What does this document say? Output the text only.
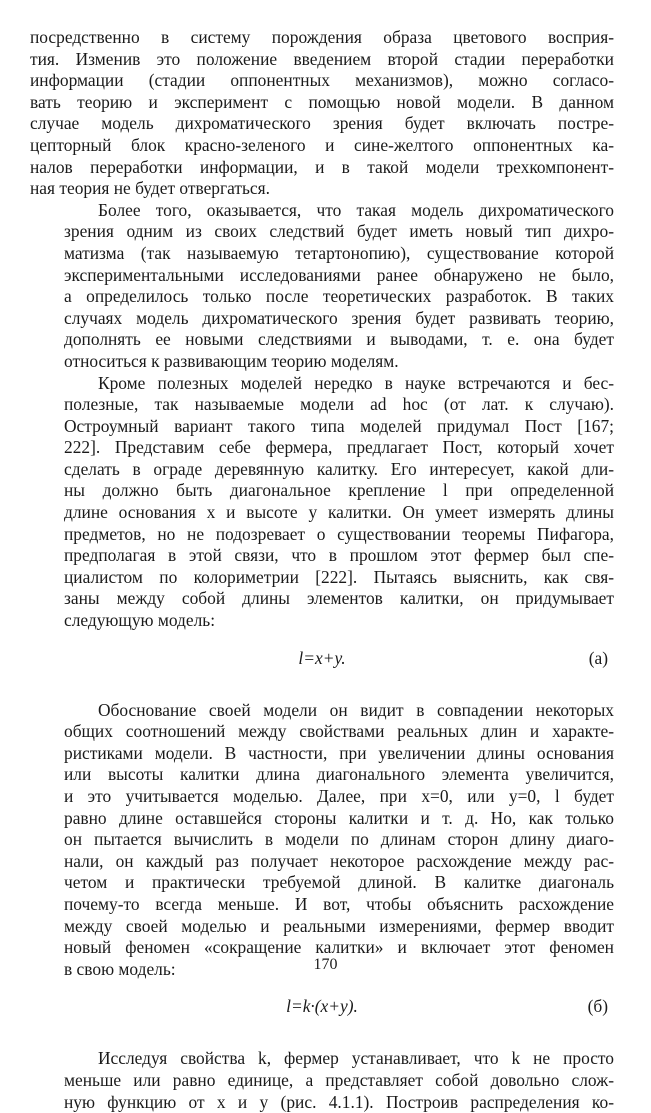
посредственно в систему порождения образа цветового восприя-
тия. Изменив это положение введением второй стадии переработки
информации (стадии оппонентных механизмов), можно согласо-
вать теорию и эксперимент с помощью новой модели. В данном
случае модель дихроматического зрения будет включать постре-
цепторный блок красно-зеленого и сине-желтого оппонентных ка-
налов переработки информации, и в такой модели трехкомпонент-
ная теория не будет отвергаться.

Более того, оказывается, что такая модель дихроматического
зрения одним из своих следствий будет иметь новый тип дихро-
матизма (так называемую тетартонопию), существование которой
экспериментальными исследованиями ранее обнаружено не было,
а определилось только после теоретических разработок. В таких
случаях модель дихроматического зрения будет развивать теорию,
дополнять ее новыми следствиями и выводами, т. е. она будет
относиться к развивающим теорию моделям.

Кроме полезных моделей нередко в науке встречаются и бес-
полезные, так называемые модели ad hoc (от лат. к случаю).
Остроумный вариант такого типа моделей придумал Пост [167;
222]. Представим себе фермера, предлагает Пост, который хочет
сделать в ограде деревянную калитку. Его интересует, какой дли-
ны должно быть диагональное крепление l при определенной
длине основания x и высоте y калитки. Он умеет измерять длины
предметов, но не подозревает о существовании теоремы Пифагора,
предполагая в этой связи, что в прошлом этот фермер был спе-
циалистом по колориметрии [222]. Пытаясь выяснить, как свя-
заны между собой длины элементов калитки, он придумывает
следующую модель:

l=x+y.	(а)

Обоснование своей модели он видит в совпадении некоторых
общих соотношений между свойствами реальных длин и характе-
ристиками модели. В частности, при увеличении длины основания
или высоты калитки длина диагонального элемента увеличится,
и это учитывается моделью. Далее, при x=0, или y=0, l будет
равно длине оставшейся стороны калитки и т. д. Но, как только
он пытается вычислить в модели по длинам сторон длину диаго-
нали, он каждый раз получает некоторое расхождение между рас-
четом и практически требуемой длиной. В калитке диагональ
почему-то всегда меньше. И вот, чтобы объяснить расхождение
между своей моделью и реальными измерениями, фермер вводит
новый феномен «сокращение калитки» и включает этот феномен
в свою модель:

l=k·(x+y).	(б)

Исследуя свойства k, фермер устанавливает, что k не просто
меньше или равно единице, а представляет собой довольно слож-
ную функцию от x и y (рис. 4.1.1). Построив распределения ко-

170
